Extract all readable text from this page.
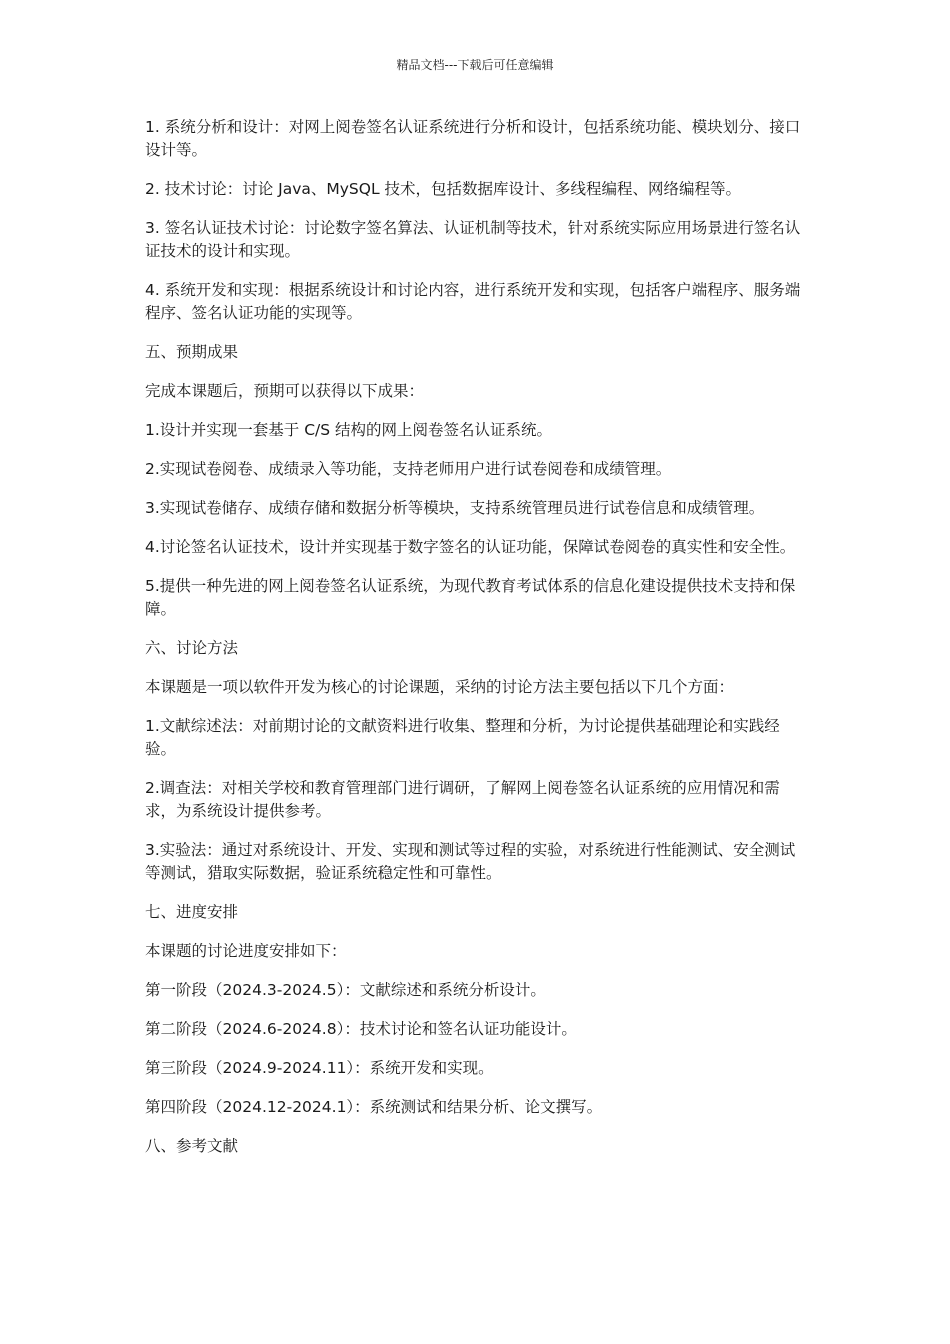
精品文档---下载后可任意编辑

1. 系统分析和设计：对网上阅卷签名认证系统进行分析和设计，包括系统功能、模块划分、接口设计等。

2. 技术讨论：讨论 Java、MySQL 技术，包括数据库设计、多线程编程、网络编程等。

3. 签名认证技术讨论：讨论数字签名算法、认证机制等技术，针对系统实际应用场景进行签名认证技术的设计和实现。

4. 系统开发和实现：根据系统设计和讨论内容，进行系统开发和实现，包括客户端程序、服务端程序、签名认证功能的实现等。

五、预期成果

完成本课题后，预期可以获得以下成果：

1.设计并实现一套基于 C/S 结构的网上阅卷签名认证系统。

2.实现试卷阅卷、成绩录入等功能，支持老师用户进行试卷阅卷和成绩管理。

3.实现试卷储存、成绩存储和数据分析等模块，支持系统管理员进行试卷信息和成绩管理。

4.讨论签名认证技术，设计并实现基于数字签名的认证功能，保障试卷阅卷的真实性和安全性。

5.提供一种先进的网上阅卷签名认证系统，为现代教育考试体系的信息化建设提供技术支持和保障。

六、讨论方法

本课题是一项以软件开发为核心的讨论课题，采纳的讨论方法主要包括以下几个方面：

1.文献综述法：对前期讨论的文献资料进行收集、整理和分析，为讨论提供基础理论和实践经验。

2.调查法：对相关学校和教育管理部门进行调研，了解网上阅卷签名认证系统的应用情况和需求，为系统设计提供参考。

3.实验法：通过对系统设计、开发、实现和测试等过程的实验，对系统进行性能测试、安全测试等测试，猎取实际数据，验证系统稳定性和可靠性。

七、进度安排

本课题的讨论进度安排如下：

第一阶段（2024.3-2024.5）：文献综述和系统分析设计。

第二阶段（2024.6-2024.8）：技术讨论和签名认证功能设计。

第三阶段（2024.9-2024.11）：系统开发和实现。

第四阶段（2024.12-2024.1）：系统测试和结果分析、论文撰写。

八、参考文献
